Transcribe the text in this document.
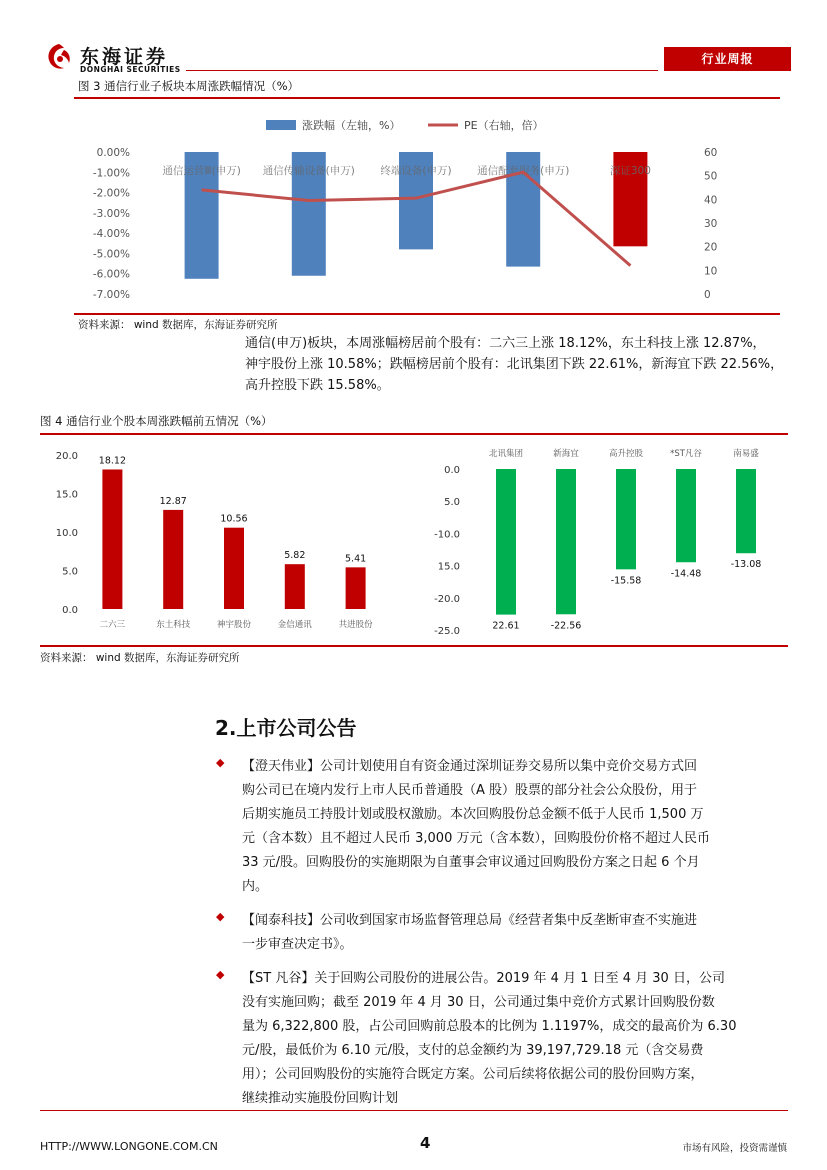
东海证券
DONGHAI SECURITIES
行业周报
图 3 通信行业子板块本周涨跌幅情况（%）
涨跌幅（左轴，%）	PE（右轴，倍）
0.00%
-1.00%
-2.00%
-3.00%
-4.00%
-5.00%
-6.00%
-7.00%
60
50
40
30
20
10
0
通信运营Ⅲ(申万) 通信传输设备(申万) 终端设备(申万) 通信配套服务(申万)	深证300
资料来源： wind 数据库，东海证券研究所
通信(申万)板块，本周涨幅榜居前个股有：二六三上涨 18.12%，东土科技上涨 12.87%，
神宇股份上涨 10.58%；跌幅榜居前个股有：北讯集团下跌 22.61%，新海宜下跌 22.56%，
高升控股下跌 15.58%。
图 4 通信行业个股本周涨跌幅前五情况（%）
20.0
15.0
10.0
5.0
0.0
18.12
二六三
12.87
东土科技
10.56
神宇股份
5.82
金信通讯
5.41
共进股份
0.0
5.0
-10.0
15.0
-20.0
-25.0	22.61
北讯集团
-22.56
新海宜
-15.58
高升控股
-14.48
*ST凡谷
-13.08
南易盛
资料来源： wind 数据库，东海证券研究所
2.上市公司公告
◆ 【澄天伟业】公司计划使用自有资金通过深圳证券交易所以集中竞价交易方式回
购公司已在境内发行上市人民币普通股（A 股）股票的部分社会公众股份，用于
后期实施员工持股计划或股权激励。本次回购股份总金额不低于人民币 1,500 万
元（含本数）且不超过人民币 3,000 万元（含本数），回购股份价格不超过人民币
33 元/股。回购股份的实施期限为自董事会审议通过回购股份方案之日起 6 个月
内。
◆ 【闻泰科技】公司收到国家市场监督管理总局《经营者集中反垄断审查不实施进
一步审查决定书》。
◆ 【ST 凡谷】关于回购公司股份的进展公告。2019 年 4 月 1 日至 4 月 30 日，公司
没有实施回购；截至 2019 年 4 月 30 日，公司通过集中竞价方式累计回购股份数
量为 6,322,800 股，占公司回购前总股本的比例为 1.1197%，成交的最高价为 6.30
元/股，最低价为 6.10 元/股，支付的总金额约为 39,197,729.18 元（含交易费
用）；公司回购股份的实施符合既定方案。公司后续将依据公司的股份回购方案，
继续推动实施股份回购计划
HTTP://WWW.LONGONE.COM.CN	4	市场有风险，投资需谨慎
